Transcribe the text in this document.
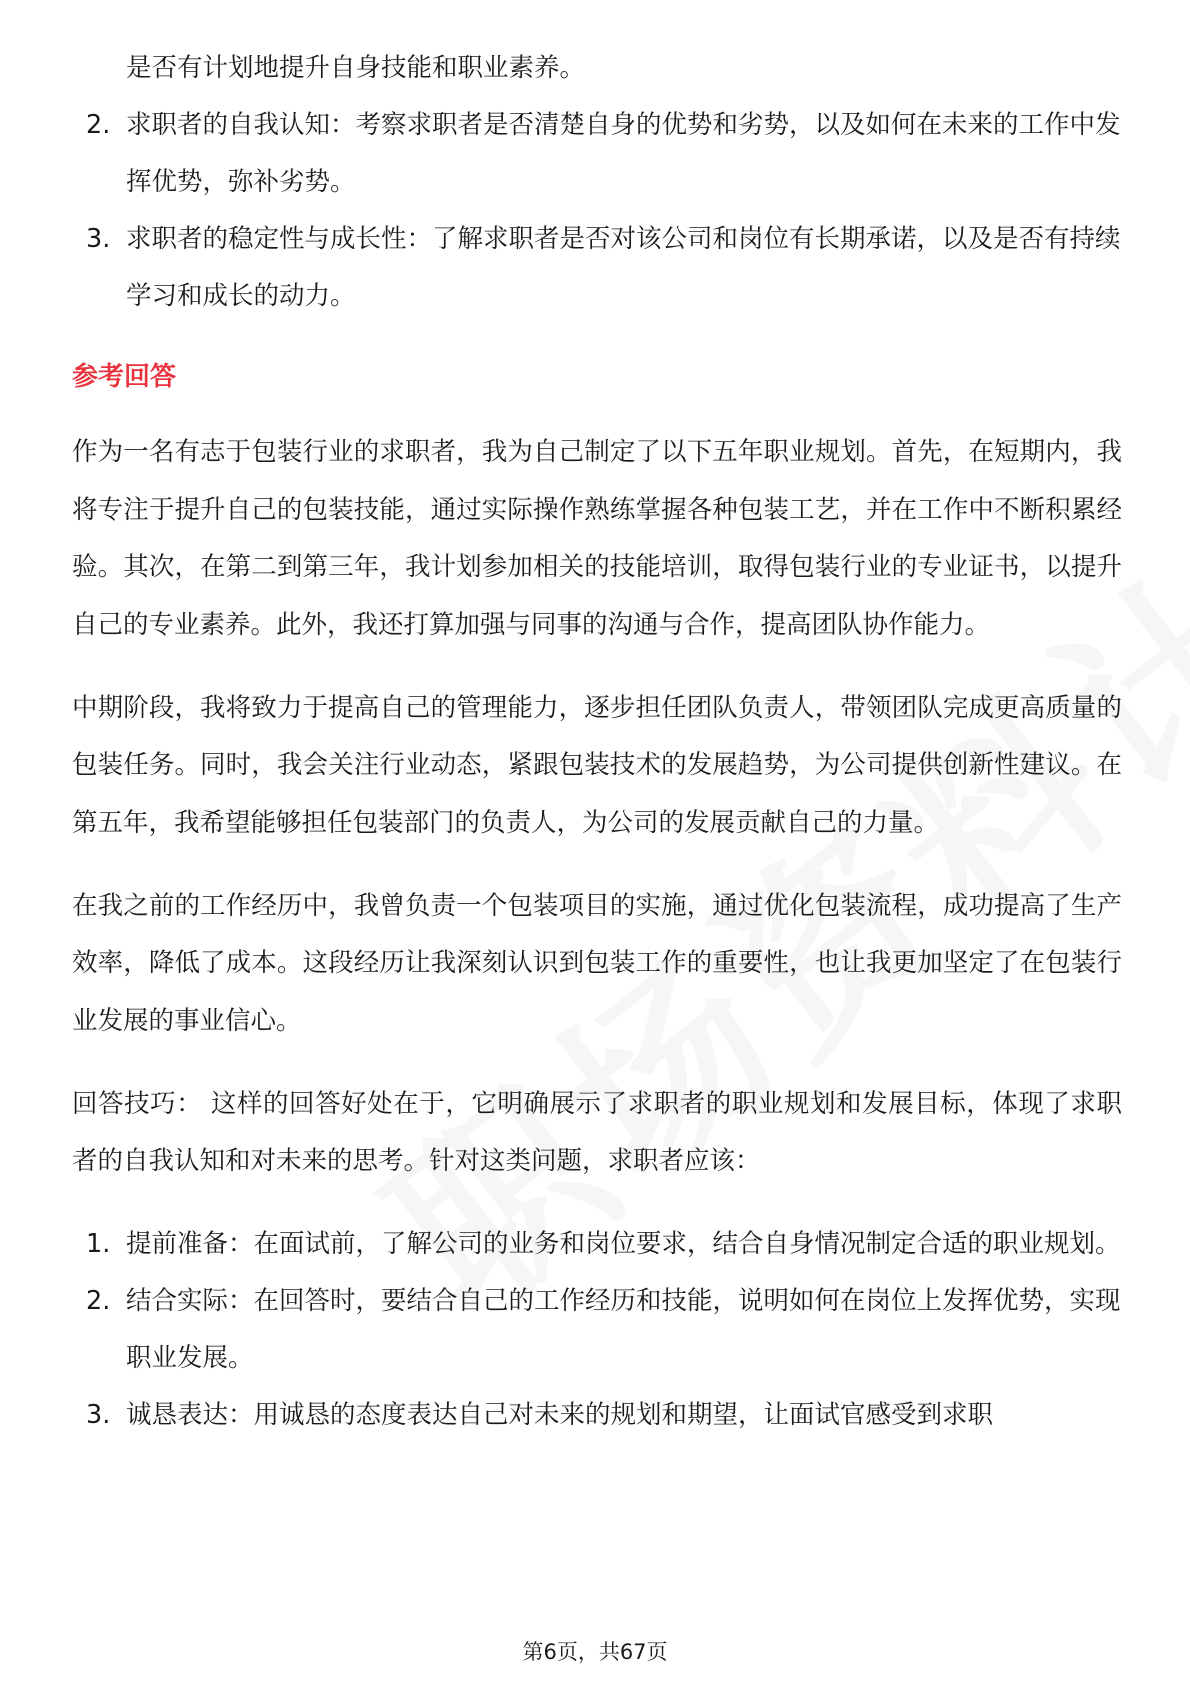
是否有计划地提升自身技能和职业素养。
2. 求职者的自我认知：考察求职者是否清楚自身的优势和劣势，以及如何在未来的工作中发挥优势，弥补劣势。
3. 求职者的稳定性与成长性：了解求职者是否对该公司和岗位有长期承诺，以及是否有持续学习和成长的动力。
参考回答

作为一名有志于包装行业的求职者，我为自己制定了以下五年职业规划。首先，在短期内，我将专注于提升自己的包装技能，通过实际操作熟练掌握各种包装工艺，并在工作中不断积累经验。其次，在第二到第三年，我计划参加相关的技能培训，取得包装行业的专业证书，以提升自己的专业素养。此外，我还打算加强与同事的沟通与合作，提高团队协作能力。

中期阶段，我将致力于提高自己的管理能力，逐步担任团队负责人，带领团队完成更高质量的包装任务。同时，我会关注行业动态，紧跟包装技术的发展趋势，为公司提供创新性建议。在第五年，我希望能够担任包装部门的负责人，为公司的发展贡献自己的力量。

在我之前的工作经历中，我曾负责一个包装项目的实施，通过优化包装流程，成功提高了生产效率，降低了成本。这段经历让我深刻认识到包装工作的重要性，也让我更加坚定了在包装行业发展的事业信心。

回答技巧： 这样的回答好处在于，它明确展示了求职者的职业规划和发展目标，体现了求职者的自我认知和对未来的思考。针对这类问题，求职者应该：

1. 提前准备：在面试前，了解公司的业务和岗位要求，结合自身情况制定合适的职业规划。
2. 结合实际：在回答时，要结合自己的工作经历和技能，说明如何在岗位上发挥优势，实现职业发展。
3. 诚恳表达：用诚恳的态度表达自己对未来的规划和期望，让面试官感受到求职
第6页，共67页
